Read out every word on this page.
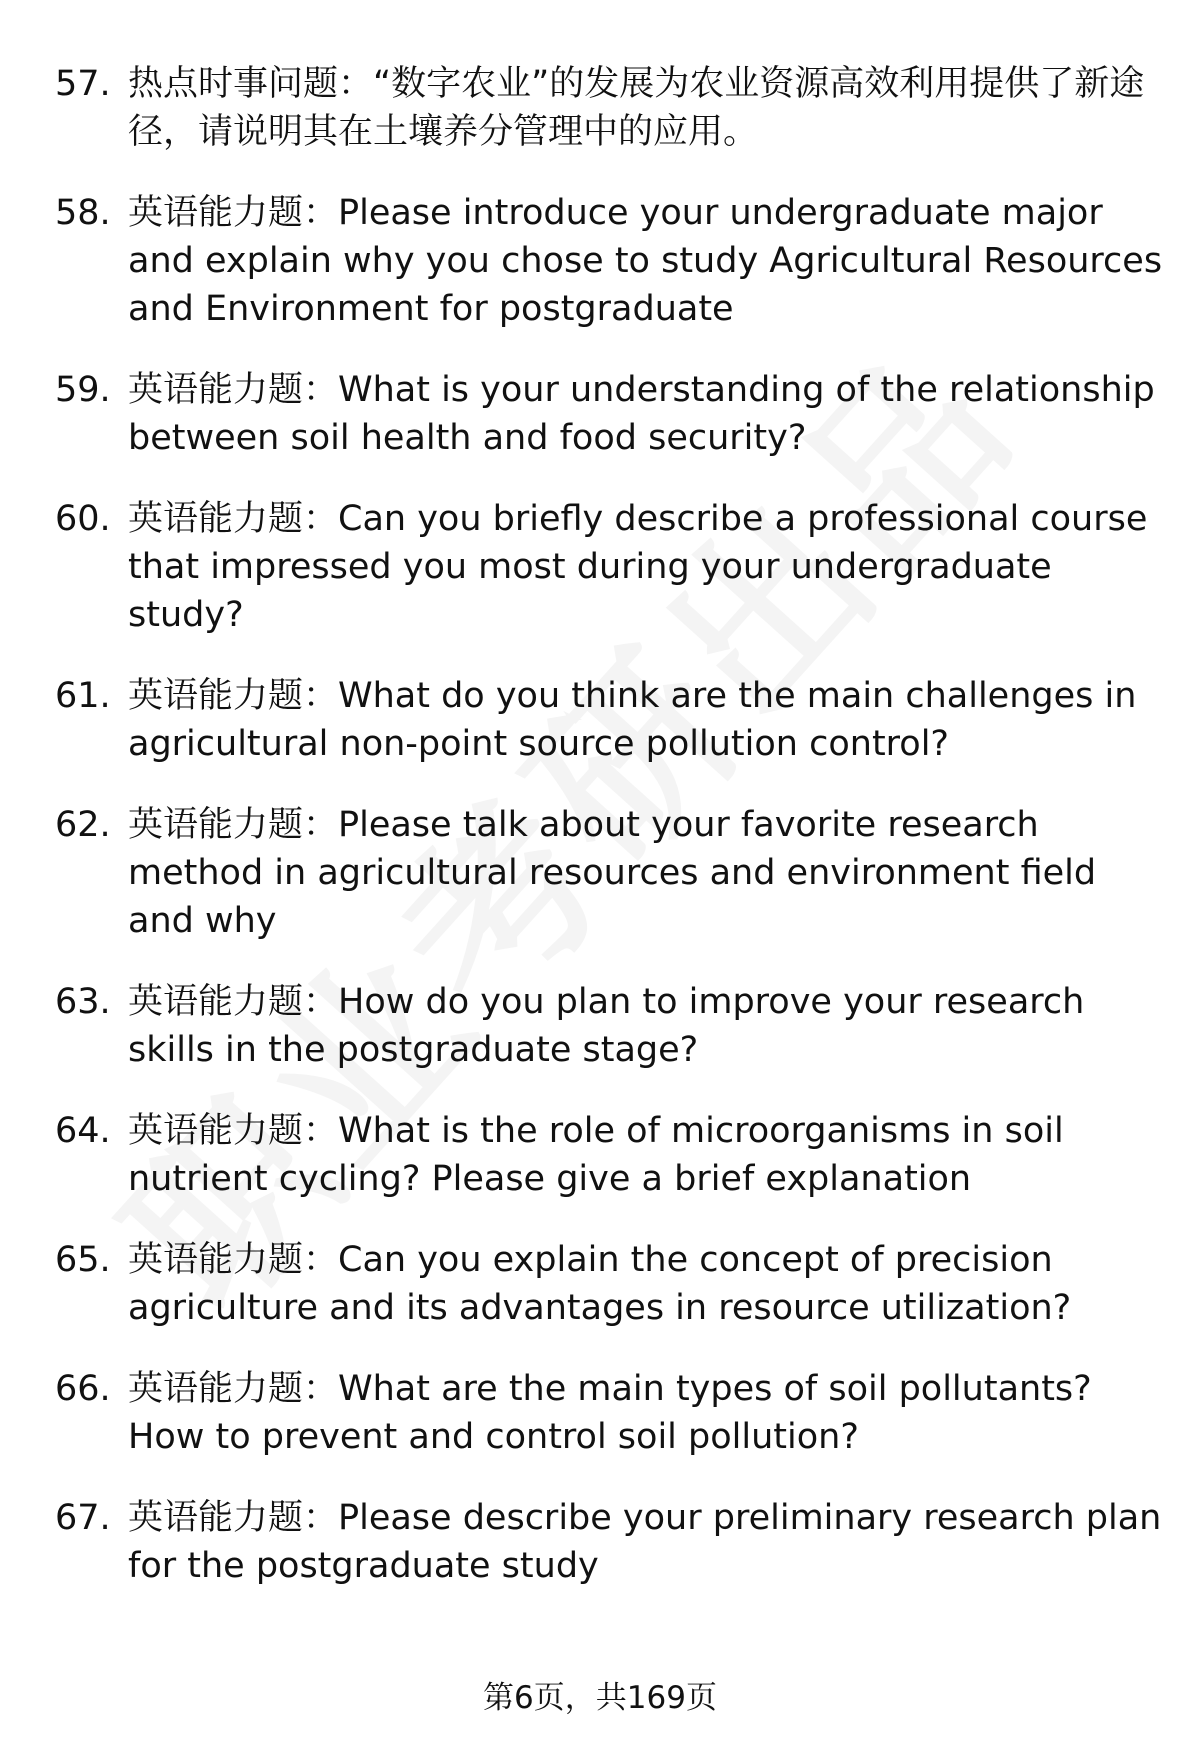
57. 热点时事问题：“数字农业”的发展为农业资源高效利用提供了新途径，请说明其在土壤养分管理中的应用。
58. 英语能力题：Please introduce your undergraduate major and explain why you chose to study Agricultural Resources and Environment for postgraduate
59. 英语能力题：What is your understanding of the relationship between soil health and food security?
60. 英语能力题：Can you briefly describe a professional course that impressed you most during your undergraduate study?
61. 英语能力题：What do you think are the main challenges in agricultural non-point source pollution control?
62. 英语能力题：Please talk about your favorite research method in agricultural resources and environment field and why
63. 英语能力题：How do you plan to improve your research skills in the postgraduate stage?
64. 英语能力题：What is the role of microorganisms in soil nutrient cycling? Please give a brief explanation
65. 英语能力题：Can you explain the concept of precision agriculture and its advantages in resource utilization?
66. 英语能力题：What are the main types of soil pollutants? How to prevent and control soil pollution?
67. 英语能力题：Please describe your preliminary research plan for the postgraduate study
第6页，共169页
